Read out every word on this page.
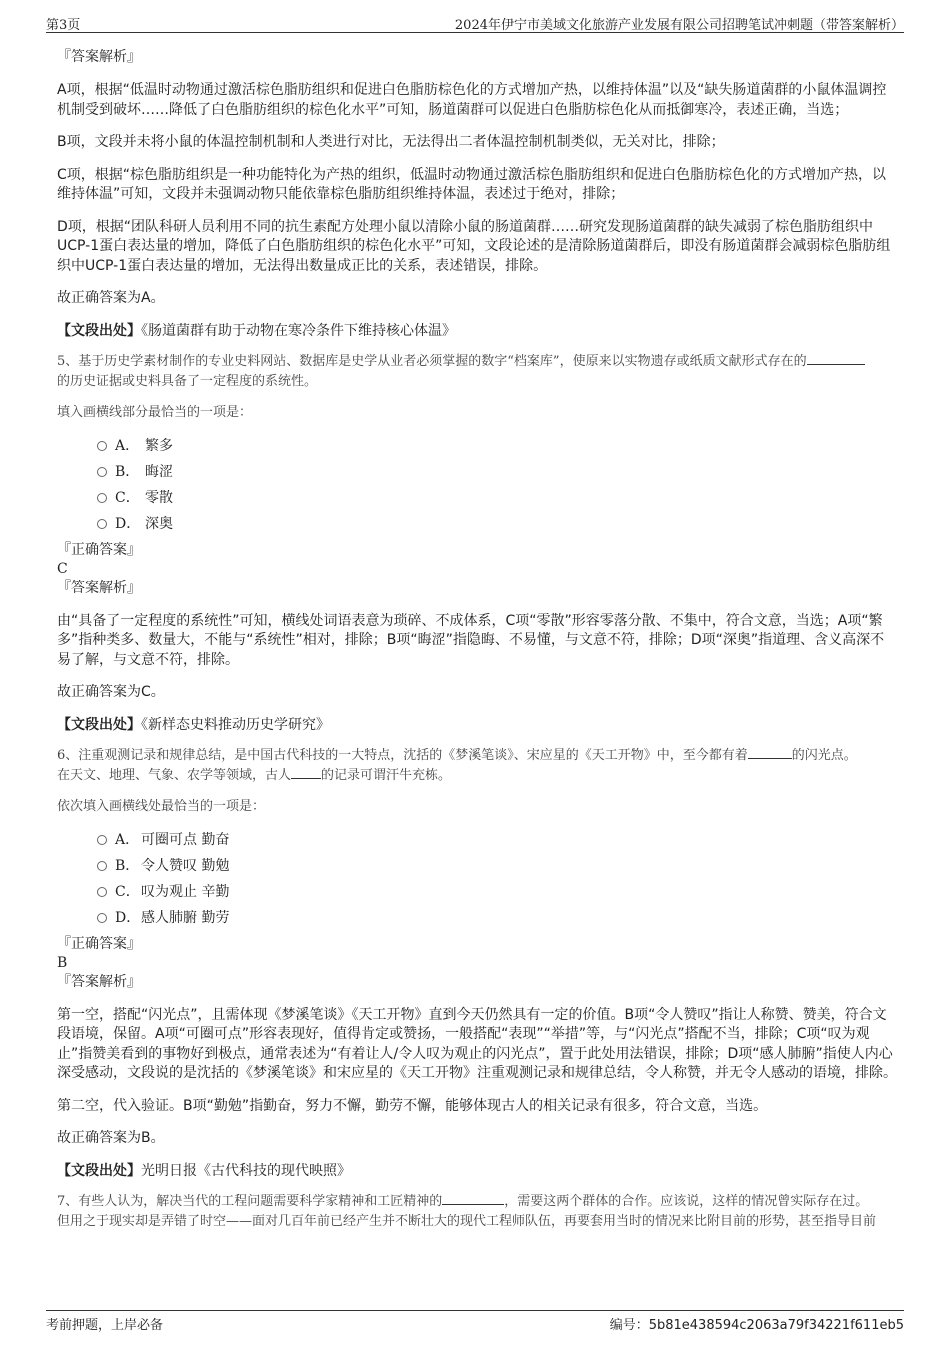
第3页	2024年伊宁市美域文化旅游产业发展有限公司招聘笔试冲刺题（带答案解析）

『答案解析』

A项，根据“低温时动物通过激活棕色脂肪组织和促进白色脂肪棕色化的方式增加产热，以维持体温”以及“缺失肠道菌群的小鼠体温调控机制受到破坏……降低了白色脂肪组织的棕色化水平”可知，肠道菌群可以促进白色脂肪棕色化从而抵御寒冷，表述正确，当选；

B项，文段并未将小鼠的体温控制机制和人类进行对比，无法得出二者体温控制机制类似，无关对比，排除；

C项，根据“棕色脂肪组织是一种功能特化为产热的组织，低温时动物通过激活棕色脂肪组织和促进白色脂肪棕色化的方式增加产热，以维持体温”可知，文段并未强调动物只能依靠棕色脂肪组织维持体温，表述过于绝对，排除；

D项，根据“团队科研人员利用不同的抗生素配方处理小鼠以清除小鼠的肠道菌群……研究发现肠道菌群的缺失减弱了棕色脂肪组织中UCP-1蛋白表达量的增加，降低了白色脂肪组织的棕色化水平”可知，文段论述的是清除肠道菌群后，即没有肠道菌群会减弱棕色脂肪组织中UCP-1蛋白表达量的增加，无法得出数量成正比的关系，表述错误，排除。

故正确答案为A。

【文段出处】《肠道菌群有助于动物在寒冷条件下维持核心体温》

5、基于历史学素材制作的专业史料网站、数据库是史学从业者必须掌握的数字“档案库”，使原来以实物遗存或纸质文献形式存在的

的历史证据或史料具备了一定程度的系统性。

填入画横线部分最恰当的一项是：

A． 繁多
B． 晦涩
C． 零散
D． 深奥

『正确答案』

C

『答案解析』

由“具备了一定程度的系统性”可知，横线处词语表意为琐碎、不成体系，C项“零散”形容零落分散、不集中，符合文意，当选；A项“繁多”指种类多、数量大，不能与“系统性”相对，排除；B项“晦涩”指隐晦、不易懂，与文意不符，排除；D项“深奥”指道理、含义高深不易了解，与文意不符，排除。

故正确答案为C。

【文段出处】《新样态史料推动历史学研究》

6、注重观测记录和规律总结，是中国古代科技的一大特点，沈括的《梦溪笔谈》、宋应星的《天工开物》中，至今都有着	的闪光点。

在天文、地理、气象、农学等领域，古人 的记录可谓汗牛充栋。

依次填入画横线处最恰当的一项是：

A． 可圈可点 勤奋
B． 令人赞叹 勤勉
C． 叹为观止 辛勤
D． 感人肺腑 勤劳

『正确答案』

B

『答案解析』

第一空，搭配“闪光点”，且需体现《梦溪笔谈》《天工开物》直到今天仍然具有一定的价值。B项“令人赞叹”指让人称赞、赞美，符合文段语境，保留。A项“可圈可点”形容表现好，值得肯定或赞扬，一般搭配“表现”“举措”等，与“闪光点”搭配不当，排除；C项“叹为观止”指赞美看到的事物好到极点，通常表述为“有着让人/令人叹为观止的闪光点”，置于此处用法错误，排除；D项“感人肺腑”指使人内心深受感动，文段说的是沈括的《梦溪笔谈》和宋应星的《天工开物》注重观测记录和规律总结，令人称赞，并无令人感动的语境，排除。

第二空，代入验证。B项“勤勉”指勤奋，努力不懈，勤劳不懈，能够体现古人的相关记录有很多，符合文意，当选。

故正确答案为B。

【文段出处】光明日报《古代科技的现代映照》

7、有些人认为，解决当代的工程问题需要科学家精神和工匠精神的	，需要这两个群体的合作。应该说，这样的情况曾实际存在过。

但用之于现实却是弄错了时空——面对几百年前已经产生并不断壮大的现代工程师队伍，再要套用当时的情况来比附目前的形势，甚至指导目前

考前押题，上岸必备	编号：5b81e438594c2063a79f34221f611eb5
